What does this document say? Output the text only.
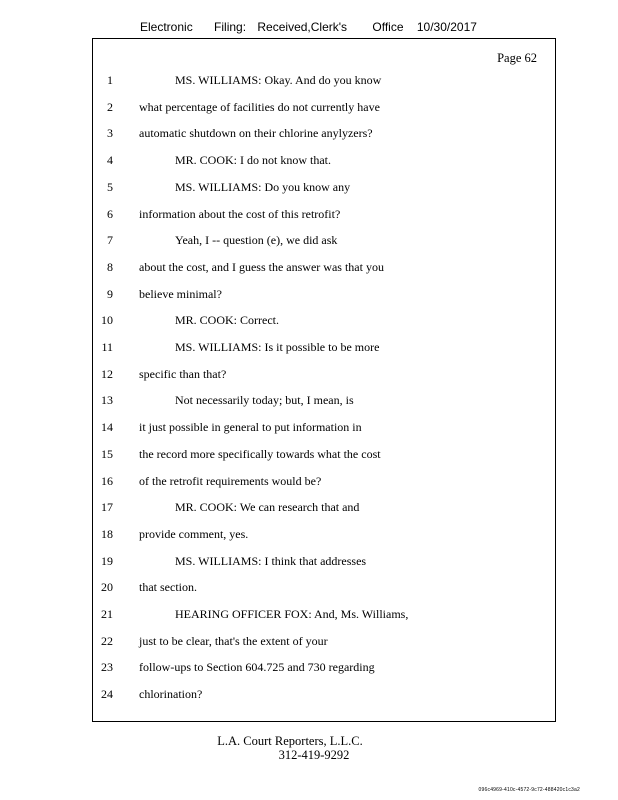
Electronic Filing: Received,Clerk's Office 10/30/2017
Page 62
1	MS. WILLIAMS: Okay. And do you know
2 what percentage of facilities do not currently have
3 automatic shutdown on their chlorine anylyzers?
4	MR. COOK: I do not know that.
5	MS. WILLIAMS: Do you know any
6 information about the cost of this retrofit?
7	Yeah, I -- question (e), we did ask
8 about the cost, and I guess the answer was that you
9 believe minimal?
10	MR. COOK: Correct.
11	MS. WILLIAMS: Is it possible to be more
12 specific than that?
13	Not necessarily today; but, I mean, is
14 it just possible in general to put information in
15 the record more specifically towards what the cost
16 of the retrofit requirements would be?
17	MR. COOK: We can research that and
18 provide comment, yes.
19	MS. WILLIAMS: I think that addresses
20 that section.
21	HEARING OFFICER FOX: And, Ms. Williams,
22 just to be clear, that's the extent of your
23 follow-ups to Section 604.725 and 730 regarding
24 chlorination?
L.A. Court Reporters, L.L.C.
312-419-9292
096c4969-410c-4572-9c72-488420c1c3a2
